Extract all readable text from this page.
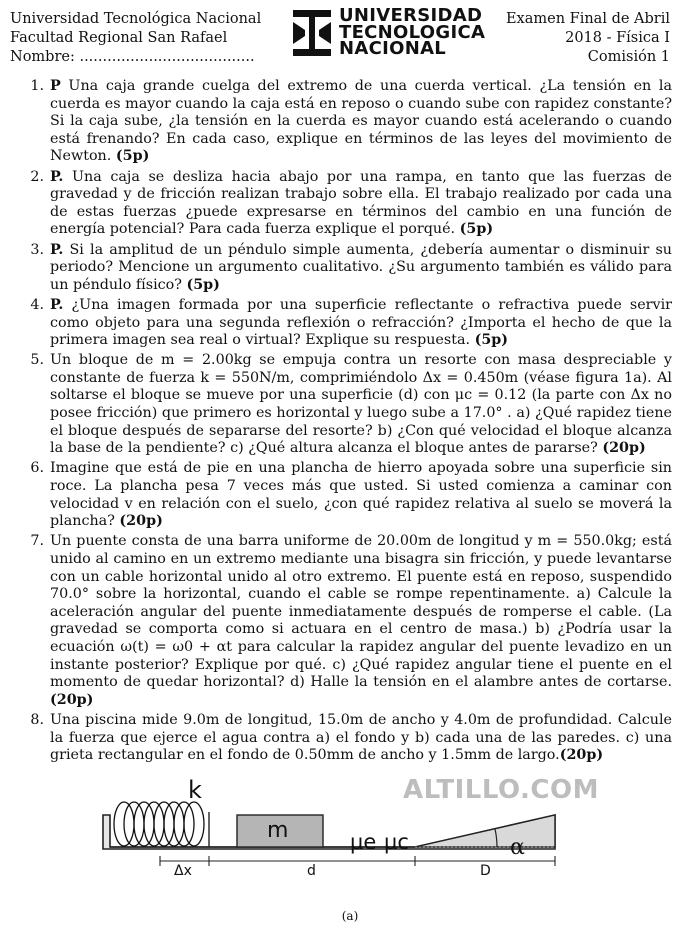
Universidad Tecnológica Nacional
Facultad Regional San Rafael
Nombre: ......................................
UNIVERSIDAD
TECNOLOGICA
NACIONAL
Examen Final de Abril
2018 - Física I
Comisión 1
1. P Una caja grande cuelga del extremo de una cuerda vertical. ¿La tensión en la cuerda es mayor cuando la caja está en reposo o cuando sube con rapidez constante? Si la caja sube, ¿la tensión en la cuerda es mayor cuando está acelerando o cuando está frenando? En cada caso, explique en términos de las leyes del movimiento de Newton. (5p)
2. P. Una caja se desliza hacia abajo por una rampa, en tanto que las fuerzas de gravedad y de fricción realizan trabajo sobre ella. El trabajo realizado por cada una de estas fuerzas ¿puede expresarse en términos del cambio en una función de energía potencial? Para cada fuerza explique el porqué. (5p)
3. P. Si la amplitud de un péndulo simple aumenta, ¿debería aumentar o disminuir su periodo? Mencione un argumento cualitativo. ¿Su argumento también es válido para un péndulo físico? (5p)
4. P. ¿Una imagen formada por una superficie reflectante o refractiva puede servir como objeto para una segunda reflexión o refracción? ¿Importa el hecho de que la primera imagen sea real o virtual? Explique su respuesta. (5p)
5. Un bloque de m = 2.00kg se empuja contra un resorte con masa despreciable y constante de fuerza k = 550N/m, comprimiéndolo Δx = 0.450m (véase figura 1a). Al soltarse el bloque se mueve por una superficie (d) con μc = 0.12 (la parte con Δx no posee fricción) que primero es horizontal y luego sube a 17.0° . a) ¿Qué rapidez tiene el bloque después de separarse del resorte? b) ¿Con qué velocidad el bloque alcanza la base de la pendiente? c) ¿Qué altura alcanza el bloque antes de pararse? (20p)
6. Imagine que está de pie en una plancha de hierro apoyada sobre una superficie sin roce. La plancha pesa 7 veces más que usted. Si usted comienza a caminar con velocidad v en relación con el suelo, ¿con qué rapidez relativa al suelo se moverá la plancha? (20p)
7. Un puente consta de una barra uniforme de 20.00m de longitud y m = 550.0kg; está unido al camino en un extremo mediante una bisagra sin fricción, y puede levantarse con un cable horizontal unido al otro extremo. El puente está en reposo, suspendido 70.0° sobre la horizontal, cuando el cable se rompe repentinamente. a) Calcule la aceleración angular del puente inmediatamente después de romperse el cable. (La gravedad se comporta como si actuara en el centro de masa.) b) ¿Podría usar la ecuación ω(t) = ω0 + αt para calcular la rapidez angular del puente levadizo en un instante posterior? Explique por qué. c) ¿Qué rapidez angular tiene el puente en el momento de quedar horizontal? d) Halle la tensión en el alambre antes de cortarse. (20p)
8. Una piscina mide 9.0m de longitud, 15.0m de ancho y 4.0m de profundidad. Calcule la fuerza que ejerce el agua contra a) el fondo y b) cada una de las paredes. c) una grieta rectangular en el fondo de 0.50mm de ancho y 1.5mm de largo.(20p)
ALTILLO.COM
k
m	μe μc	α
Δx	d	D
(a)
